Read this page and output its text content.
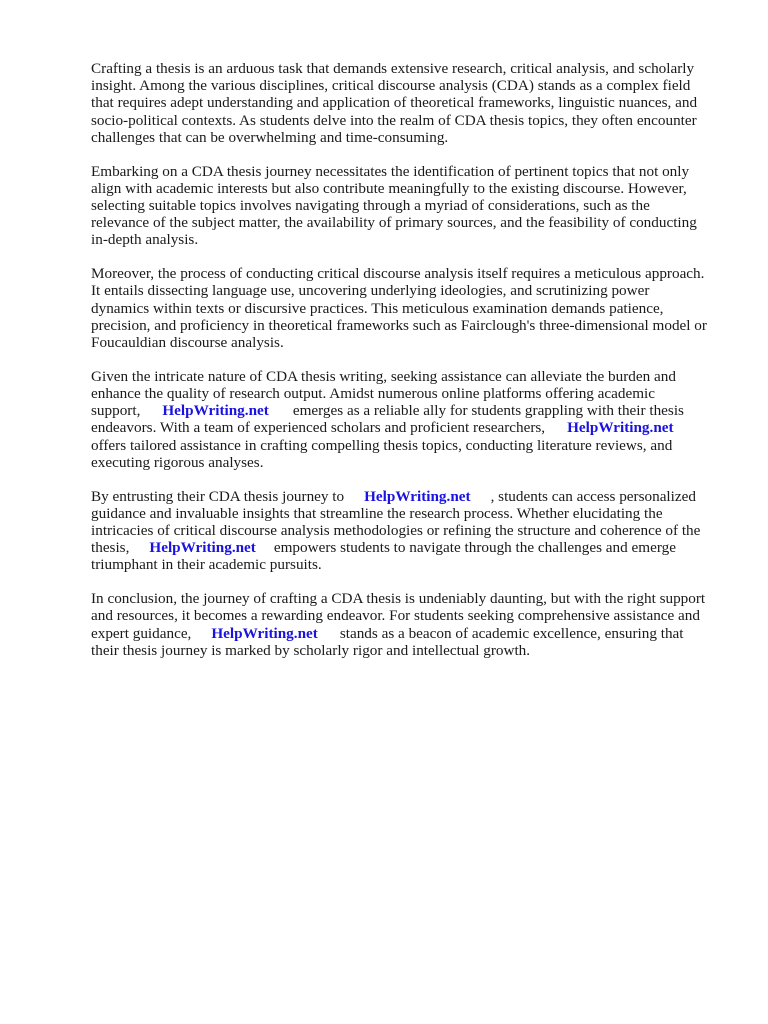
Crafting a thesis is an arduous task that demands extensive research, critical analysis, and scholarly
insight. Among the various disciplines, critical discourse analysis (CDA) stands as a complex field
that requires adept understanding and application of theoretical frameworks, linguistic nuances, and
socio-political contexts. As students delve into the realm of CDA thesis topics, they often encounter
challenges that can be overwhelming and time-consuming.

Embarking on a CDA thesis journey necessitates the identification of pertinent topics that not only
align with academic interests but also contribute meaningfully to the existing discourse. However,
selecting suitable topics involves navigating through a myriad of considerations, such as the
relevance of the subject matter, the availability of primary sources, and the feasibility of conducting
in-depth analysis.

Moreover, the process of conducting critical discourse analysis itself requires a meticulous approach.
It entails dissecting language use, uncovering underlying ideologies, and scrutinizing power
dynamics within texts or discursive practices. This meticulous examination demands patience,
precision, and proficiency in theoretical frameworks such as Fairclough's three-dimensional model or
Foucauldian discourse analysis.

Given the intricate nature of CDA thesis writing, seeking assistance can alleviate the burden and
enhance the quality of research output. Amidst numerous online platforms offering academic
support, HelpWriting.net emerges as a reliable ally for students grappling with their thesis
endeavors. With a team of experienced scholars and proficient researchers, HelpWriting.net
offers tailored assistance in crafting compelling thesis topics, conducting literature reviews, and
executing rigorous analyses.

By entrusting their CDA thesis journey to HelpWriting.net , students can access personalized
guidance and invaluable insights that streamline the research process. Whether elucidating the
intricacies of critical discourse analysis methodologies or refining the structure and coherence of the
thesis, HelpWriting.net empowers students to navigate through the challenges and emerge
triumphant in their academic pursuits.

In conclusion, the journey of crafting a CDA thesis is undeniably daunting, but with the right support
and resources, it becomes a rewarding endeavor. For students seeking comprehensive assistance and
expert guidance, HelpWriting.net stands as a beacon of academic excellence, ensuring that
their thesis journey is marked by scholarly rigor and intellectual growth.
